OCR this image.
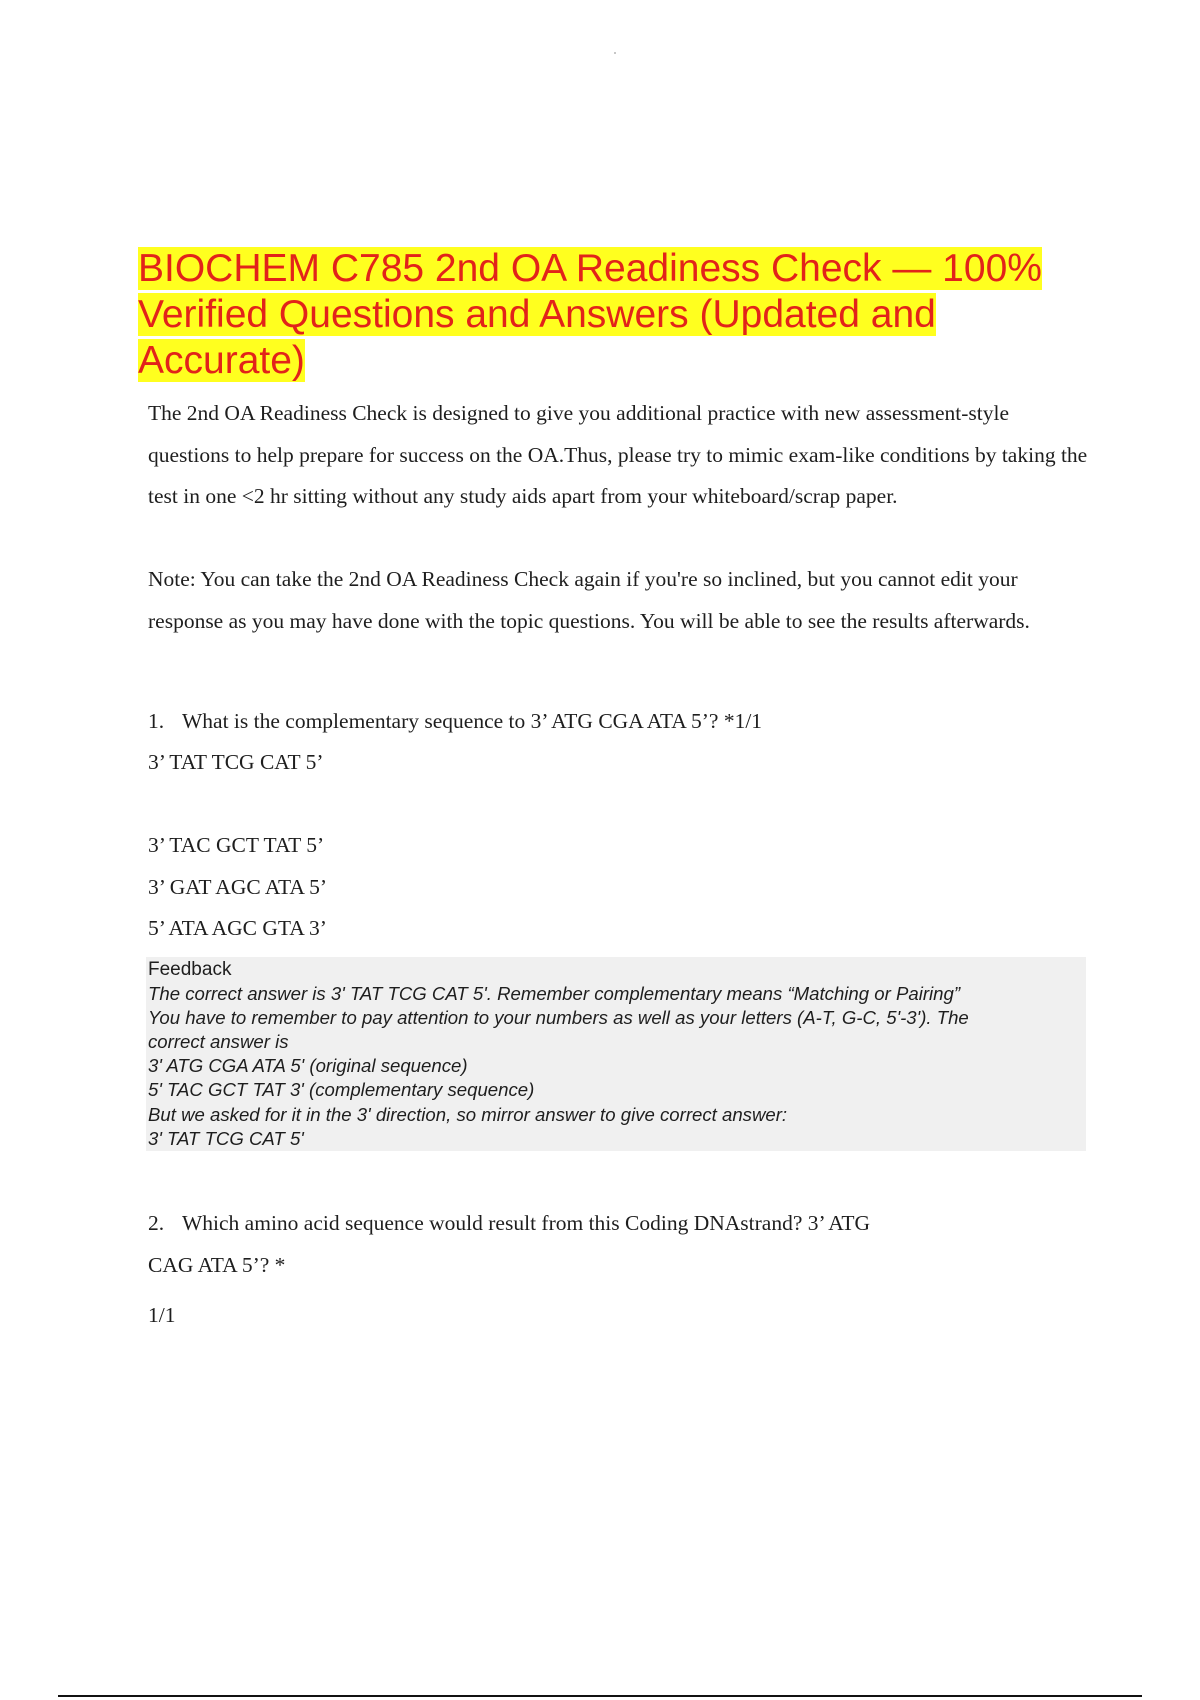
BIOCHEM C785 2nd OA Readiness Check — 100% Verified Questions and Answers (Updated and Accurate)

The 2nd OA Readiness Check is designed to give you additional practice with new assessment-style questions to help prepare for success on the OA.Thus, please try to mimic exam-like conditions by taking the test in one <2 hr sitting without any study aids apart from your whiteboard/scrap paper.

Note: You can take the 2nd OA Readiness Check again if you're so inclined, but you cannot edit your response as you may have done with the topic questions. You will be able to see the results afterwards.

1. What is the complementary sequence to 3’ ATG CGA ATA 5’? *1/1

3’ TAT TCG CAT 5’

3’ TAC GCT TAT 5’

3’ GAT AGC ATA 5’

5’ ATA AGC GTA 3’

Feedback

The correct answer is 3' TAT TCG CAT 5'. Remember complementary means “Matching or Pairing”

You have to remember to pay attention to your numbers as well as your letters (A-T, G-C, 5'-3'). The

correct answer is

3' ATG CGA ATA 5' (original sequence)

5' TAC GCT TAT 3' (complementary sequence)

But we asked for it in the 3' direction, so mirror answer to give correct answer:

3' TAT TCG CAT 5'

2. Which amino acid sequence would result from this Coding DNAstrand? 3’ ATG

CAG ATA 5’? *

1/1
